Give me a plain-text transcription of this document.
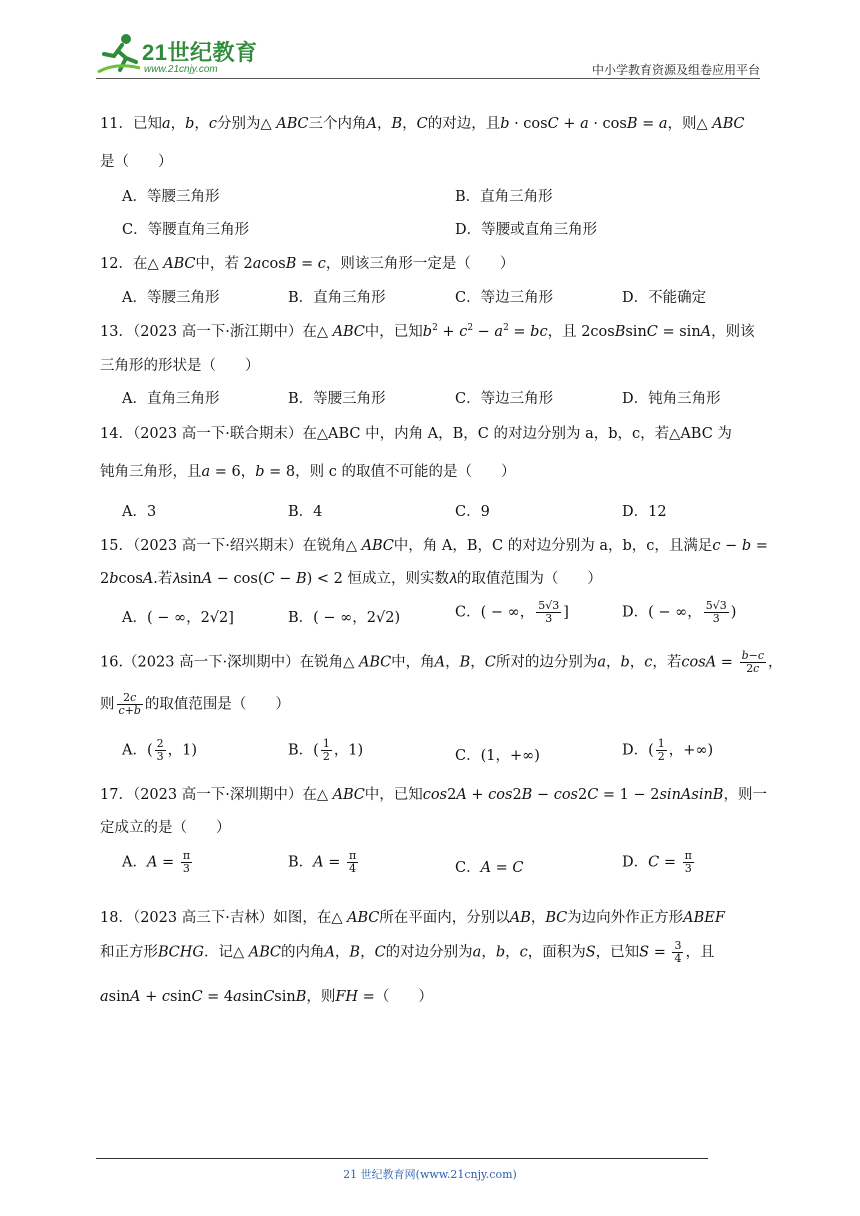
21世纪教育
www.21cnjy.com	中小学教育资源及组卷应用平台
11．已知𝑎，𝑏，𝑐分别为△ 𝐴𝐵𝐶三个内角𝐴，𝐵，𝐶的对边，且𝑏 · cos𝐶 + 𝑎 · cos𝐵 = 𝑎，则△ 𝐴𝐵𝐶
是（　　）
A．等腰三角形	B．直角三角形
C．等腰直角三角形	D．等腰或直角三角形
12．在△ 𝐴𝐵𝐶中，若 2𝑎cos𝐵 = 𝑐，则该三角形一定是（　　）
A．等腰三角形	B．直角三角形	C．等边三角形	D．不能确定
13．（2023 高一下·浙江期中）在△ 𝐴𝐵𝐶中，已知𝑏$^2$ + 𝑐$^2$ − 𝑎$^2$ = 𝑏𝑐，且 2cos𝐵sin𝐶 = sin𝐴，则该
三角形的形状是（　　）
A．直角三角形	B．等腰三角形	C．等边三角形	D．钝角三角形
14．（2023 高一下·联合期末）在△ABC 中，内角 A，B，C 的对边分别为 a，b，c，若△ABC 为
钝角三角形，且𝑎 = 6，𝑏 = 8，则 c 的取值不可能的是（　　）
A．3	B．4	C．9	D．12
15．（2023 高一下·绍兴期末）在锐角△ 𝐴𝐵𝐶中，角 A，B，C 的对边分别为 a，b，c，且满足𝑐 − 𝑏 =
2𝑏cos𝐴.若𝜆sin𝐴 − cos(𝐶 − 𝐵) < 2 恒成立，则实数𝜆的取值范围为（　　）
A．( − ∞，2√2]	B．( − ∞，2√2)	C．( − ∞， $\frac{5√3}{3}$ ]	D．( − ∞， $\frac{5√3}{3}$ )
16.（2023 高一下·深圳期中）在锐角△ 𝐴𝐵𝐶中，角𝐴，𝐵，𝐶所对的边分别为𝑎，𝑏，𝑐，若𝑐𝑜𝑠𝐴 = $\frac{\text{𝑏−𝑐}}{\text{2𝑐}}$ ，
则 $\frac{\text{2𝑐}}{\text{𝑐+𝑏}}$ 的取值范围是（　　）
A．( $\frac{2}{3}$ ，1)	B．( $\frac{1}{2}$ ，1)	C．(1，+∞)	D．( $\frac{1}{2}$ ，+∞)
17．（2023 高一下·深圳期中）在△ 𝐴𝐵𝐶中，已知𝑐𝑜𝑠2𝐴 + 𝑐𝑜𝑠2𝐵 − 𝑐𝑜𝑠2𝐶 = 1 − 2𝑠𝑖𝑛𝐴𝑠𝑖𝑛𝐵，则一
定成立的是（　　）
A．𝐴 = $\frac{\pi}{3}$	B．𝐴 = $\frac{\pi}{4}$	C．𝐴 = 𝐶	D．𝐶 = $\frac{\pi}{3}$
18．（2023 高三下·吉林）如图，在△ 𝐴𝐵𝐶所在平面内，分别以𝐴𝐵，𝐵𝐶为边向外作正方形𝐴𝐵𝐸𝐹
和正方形𝐵𝐶𝐻𝐺．记△ 𝐴𝐵𝐶的内角𝐴，𝐵，𝐶的对边分别为𝑎，𝑏，𝑐，面积为𝑆，已知𝑆 = $\frac{3}{4}$ ，且
𝑎sin𝐴 + 𝑐sin𝐶 = 4𝑎sin𝐶sin𝐵，则𝐹𝐻 =（　　）
21 世纪教育网(www.21cnjy.com)
